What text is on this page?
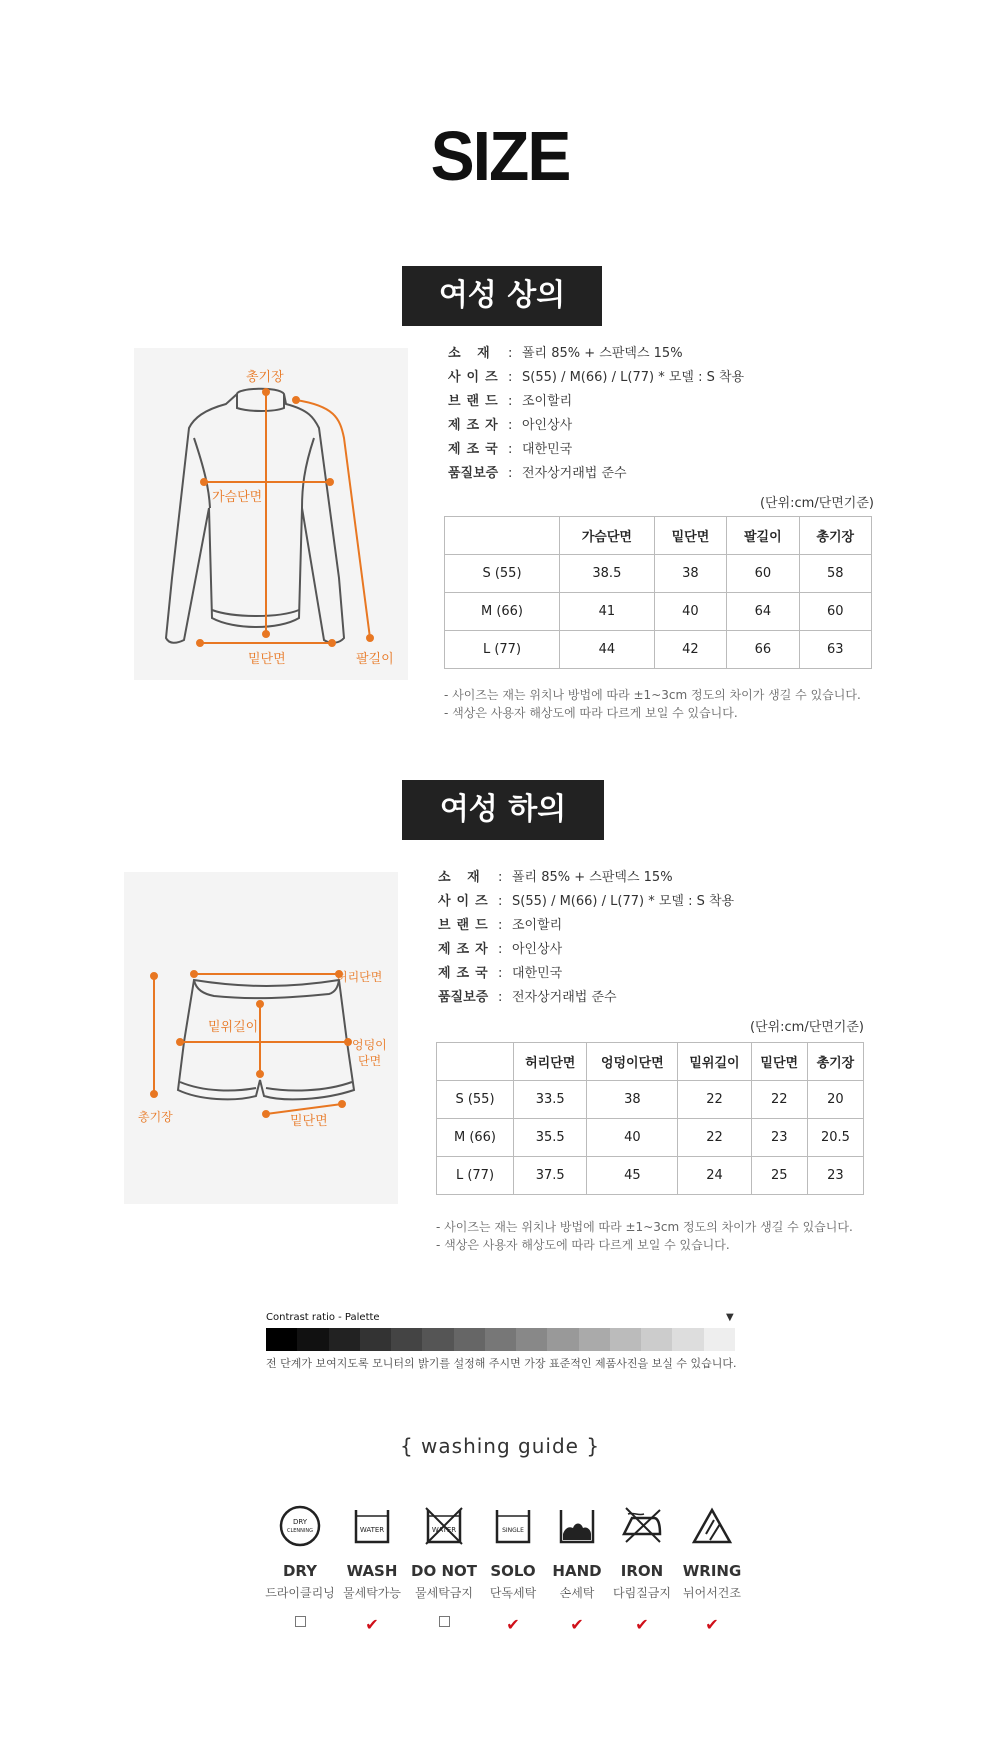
SIZE
여성 상의
총기장
가슴단면
밑단면	팔길이
소 재 : 폴리 85% + 스판덱스 15%
사이즈 : S(55) / M(66) / L(77) * 모델 : S 착용
브랜드 : 조이할리
제조자 : 아인상사
제조국 : 대한민국
품질보증 : 전자상거래법 준수
(단위:cm/단면기준)
	가슴단면	밑단면	팔길이	총기장
S (55)	38.5	38	60	58
M (66)	41	40	64	60
L (77)	44	42	66	63
- 사이즈는 재는 위치나 방법에 따라 ±1~3cm 정도의 차이가 생길 수 있습니다.
- 색상은 사용자 해상도에 따라 다르게 보일 수 있습니다.
여성 하의
허리단면
밑위길이
엉덩이
단면
총기장	밑단면
소 재 : 폴리 85% + 스판덱스 15%
사이즈 : S(55) / M(66) / L(77) * 모델 : S 착용
브랜드 : 조이할리
제조자 : 아인상사
제조국 : 대한민국
품질보증 : 전자상거래법 준수
(단위:cm/단면기준)
	허리단면	엉덩이단면	밑위길이	밑단면	총기장
S (55)	33.5	38	22	22	20
M (66)	35.5	40	22	23	20.5
L (77)	37.5	45	24	25	23
- 사이즈는 재는 위치나 방법에 따라 ±1~3cm 정도의 차이가 생길 수 있습니다.
- 색상은 사용자 해상도에 따라 다르게 보일 수 있습니다.
Contrast ratio - Palette	▼
전 단계가 보여지도록 모니터의 밝기를 설정해 주시면 가장 표준적인 제품사진을 보실 수 있습니다.
{ washing guide }
DRY
CLENNING
DRY
드라이클리닝
WATER
WASH
물세탁가능
✔
WATER
DO NOT
물세탁금지
SINGLE
SOLO
단독세탁
✔
HAND
손세탁
✔
IRON
다림질금지
✔
WRING
뉘어서건조
✔
